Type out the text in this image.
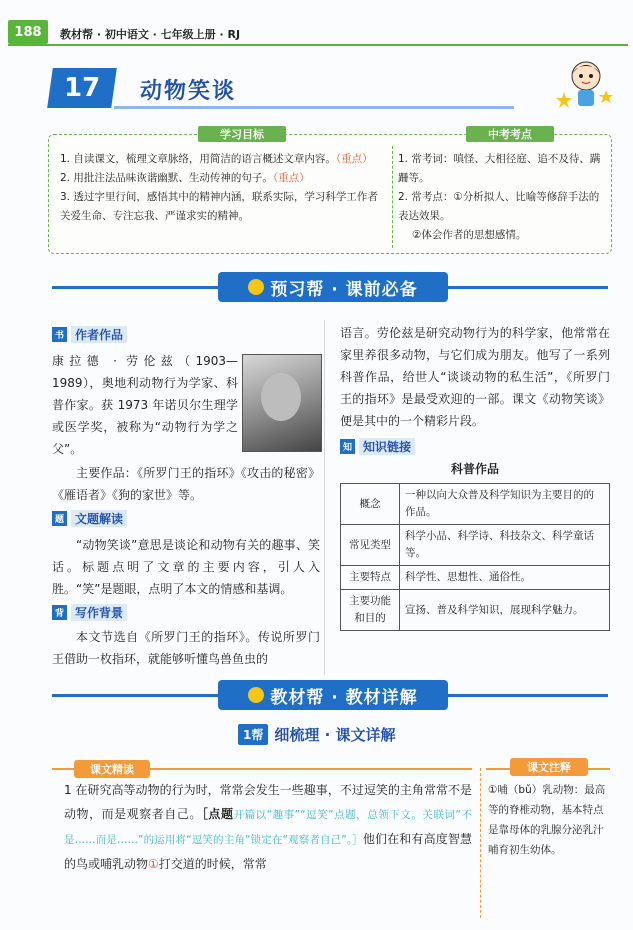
188	教材帮 · 初中语文 · 七年级上册 · RJ
17 动物笑谈
学习目标	中考考点
1. 自读课文，梳理文章脉络，用简洁的语言概述文章内容。（重点）
2. 用批注法品味诙谐幽默、生动传神的句子。（重点）
3. 透过字里行间，感悟其中的精神内涵，联系实际，学习科学工作者关爱生命、专注忘我、严谨求实的精神。
1. 常考词：嗔怪、大相径庭、追不及待、蹒跚等。
2. 常考点：①分析拟人、比喻等修辞手法的表达效果。
②体会作者的思想感情。
预习帮 · 课前必备
书 作者作品
康拉德 · 劳伦兹（1903—1989），奥地利动物行为学家、科普作家。获 1973 年诺贝尔生理学或医学奖，被称为“动物行为学之父”。
主要作品：《所罗门王的指环》《攻击的秘密》《雁语者》《狗的家世》等。
题 文题解读
“动物笑谈”意思是谈论和动物有关的趣事、笑话。标题点明了文章的主要内容，引人入胜。“笑”是题眼，点明了本文的情感和基调。
背 写作背景
本文节选自《所罗门王的指环》。传说所罗门王借助一枚指环，就能够听懂鸟兽鱼虫的
语言。劳伦兹是研究动物行为的科学家，他常常在家里养很多动物，与它们成为朋友。他写了一系列科普作品，给世人“谈谈动物的私生活”，《所罗门王的指环》是最受欢迎的一部。课文《动物笑谈》便是其中的一个精彩片段。
知 知识链接
科普作品
概念	一种以向大众普及科学知识为主要目的的作品。
常见类型	科学小品、科学诗、科技杂文、科学童话等。
主要特点	科学性、思想性、通俗性。
主要功能和目的	宣扬、普及科学知识，展现科学魅力。
教材帮 · 教材详解
1帮 细梳理 · 课文详解
课文精读	课文注释
1 在研究高等动物的行为时，常常会发生一些趣事，不过逗笑的主角常常不是动物，而是观察者自己。［点题开篇以“趣事”“逗笑”点题，总领下文。关联词“不是……而是……”的运用将“逗笑的主角”锁定在“观察者自己”。］他们在和有高度智慧的鸟或哺乳动物①打交道的时候，常常
①哺（bǔ）乳动物：最高等的脊椎动物，基本特点是靠母体的乳腺分泌乳汁哺育初生幼体。
